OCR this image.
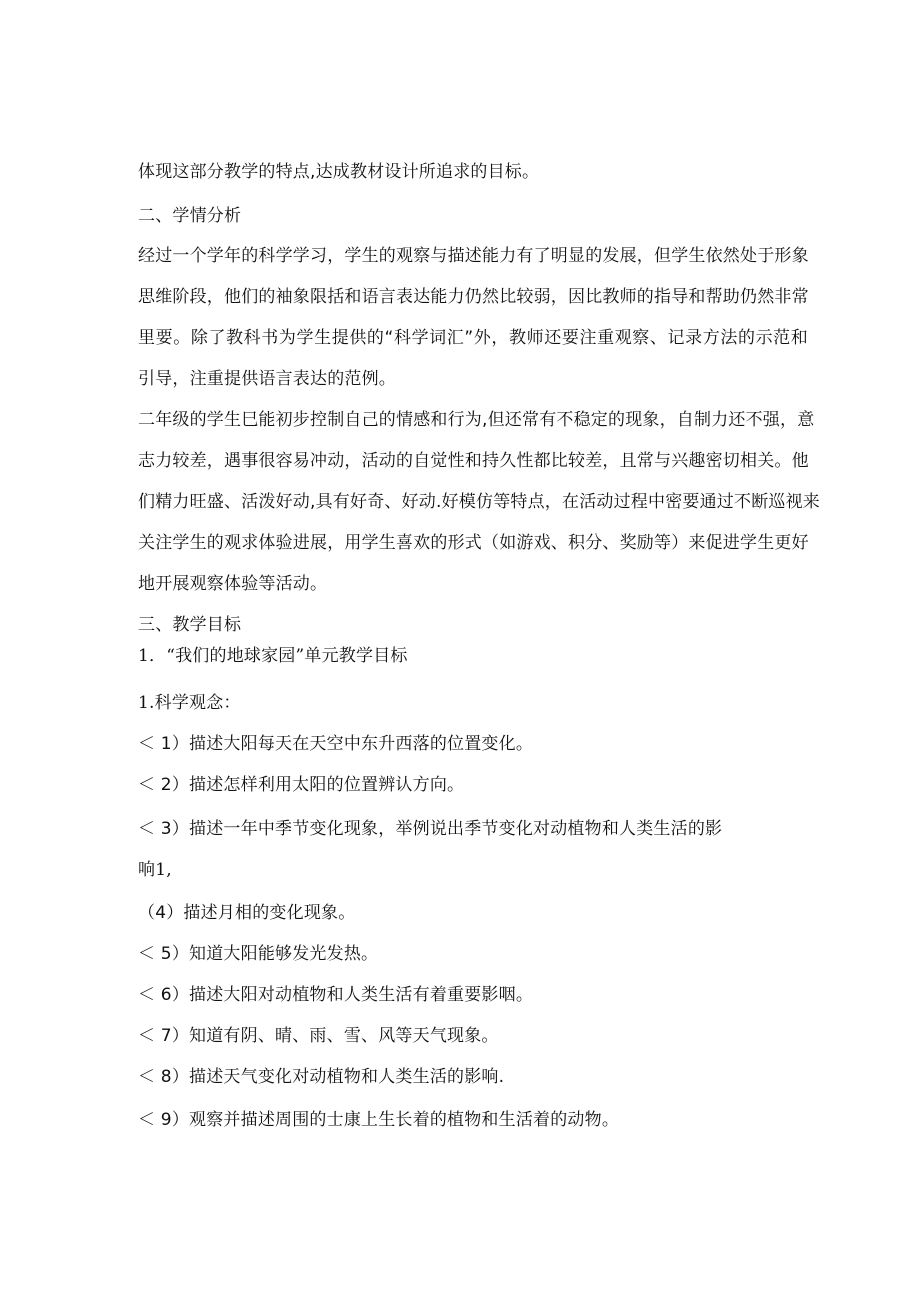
体现这部分教学的特点,达成教材设计所追求的目标。
二、学情分析
经过一个学年的科学学习，学生的观察与描述能力有了明显的发展，但学生依然处于形象
思维阶段，他们的袖象限括和语言表达能力仍然比较弱，因比教师的指导和帮助仍然非常
里要。除了教科书为学生提供的“科学词汇”外，教师还要注重观察、记录方法的示范和
引导，注重提供语言表达的范例。
二年级的学生巳能初步控制自己的情感和行为,但还常有不稳定的现象，自制力还不强，意
志力较差，遇事很容易冲动，活动的自觉性和持久性都比较差，且常与兴趣密切相关。他
们精力旺盛、活泼好动,具有好奇、好动.好模仿等特点，在活动过程中密要通过不断巡视来
关注学生的观求体验进展，用学生喜欢的形式（如游戏、积分、奖励等）来促进学生更好
地开展观察体验等活动。
三、教学目标
1．“我们的地球家园”单元教学目标
1.科学观念：
＜ 1）描述大阳每天在天空中东升西落的位置变化。
＜ 2）描述怎样利用太阳的位置辨认方向。
＜ 3）描述一年中季节变化现象，举例说出季节变化对动植物和人类生活的影
响1,
（4）描述月相的变化现象。
＜ 5）知道大阳能够发光发热。
＜ 6）描述大阳对动植物和人类生活有着重要影咽。
＜ 7）知道有阴、晴、雨、雪、风等天气现象。
＜ 8）描述天气变化对动植物和人类生活的影响.
＜ 9）观察并描述周围的士康上生长着的植物和生活着的动物。
